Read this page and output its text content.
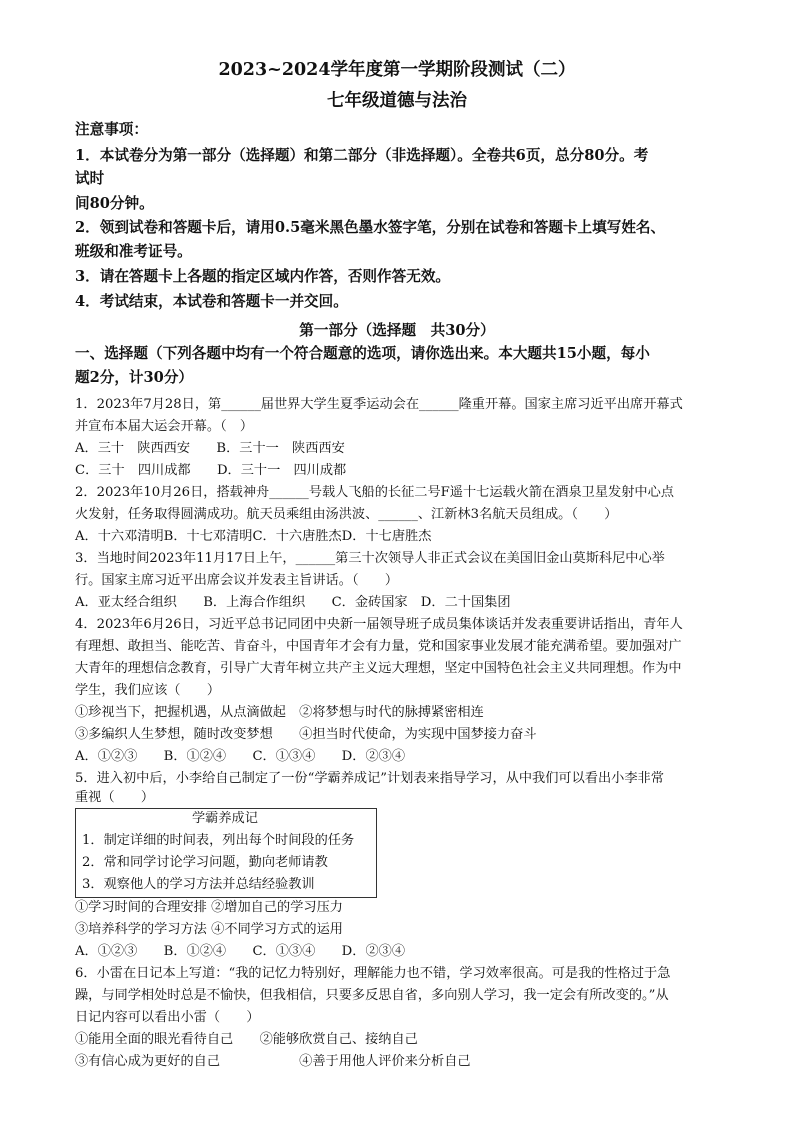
2023~2024学年度第一学期阶段测试（二）
七年级道德与法治
注意事项：
1．本试卷分为第一部分（选择题）和第二部分（非选择题）。全卷共6页，总分80分。考
试时
间80分钟。
2．领到试卷和答题卡后，请用0.5毫米黑色墨水签字笔，分别在试卷和答题卡上填写姓名、
班级和准考证号。
3．请在答题卡上各题的指定区域内作答，否则作答无效。
4．考试结束，本试卷和答题卡一并交回。
第一部分（选择题　共30分）
一、选择题（下列各题中均有一个符合题意的选项，请你选出来。本大题共15小题，每小
题2分，计30分）
1．2023年7月28日，第______届世界大学生夏季运动会在______隆重开幕。国家主席习近平出席开幕式
并宣布本届大运会开幕。（　）
A．三十　陕西西安　　B．三十一　陕西西安
C．三十　四川成都　　D．三十一　四川成都
2．2023年10月26日，搭载神舟______号载人飞船的长征二号F遥十七运载火箭在酒泉卫星发射中心点
火发射，任务取得圆满成功。航天员乘组由汤洪波、______、江新林3名航天员组成。（　　）
A．十六邓清明B．十七邓清明C．十六唐胜杰D．十七唐胜杰
3．当地时间2023年11月17日上午，______第三十次领导人非正式会议在美国旧金山莫斯科尼中心举
行。国家主席习近平出席会议并发表主旨讲话。（　　）
A．亚太经合组织　　B．上海合作组织　　C．金砖国家　D．二十国集团
4．2023年6月26日，习近平总书记同团中央新一届领导班子成员集体谈话并发表重要讲话指出，青年人
有理想、敢担当、能吃苦、肯奋斗，中国青年才会有力量，党和国家事业发展才能充满希望。要加强对广
大青年的理想信念教育，引导广大青年树立共产主义远大理想，坚定中国特色社会主义共同理想。作为中
学生，我们应该（　　）
①珍视当下，把握机遇，从点滴做起　②将梦想与时代的脉搏紧密相连
③多编织人生梦想，随时改变梦想　　④担当时代使命，为实现中国梦接力奋斗
A．①②③　　B．①②④　　C．①③④　　D．②③④
5．进入初中后，小李给自己制定了一份“学霸养成记”计划表来指导学习，从中我们可以看出小李非常
重视（　　）
学霸养成记
1．制定详细的时间表，列出每个时间段的任务
2．常和同学讨论学习问题，勤向老师请教
3．观察他人的学习方法并总结经验教训
①学习时间的合理安排 ②增加自己的学习压力
③培养科学的学习方法 ④不同学习方式的运用
A．①②③　　B．①②④　　C．①③④　　D．②③④
6．小雷在日记本上写道：“我的记忆力特别好，理解能力也不错，学习效率很高。可是我的性格过于急
躁，与同学相处时总是不愉快，但我相信，只要多反思自省，多向别人学习，我一定会有所改变的。”从
日记内容可以看出小雷（　　）
①能用全面的眼光看待自己　　②能够欣赏自己、接纳自己
③有信心成为更好的自己　　　　　　④善于用他人评价来分析自己
